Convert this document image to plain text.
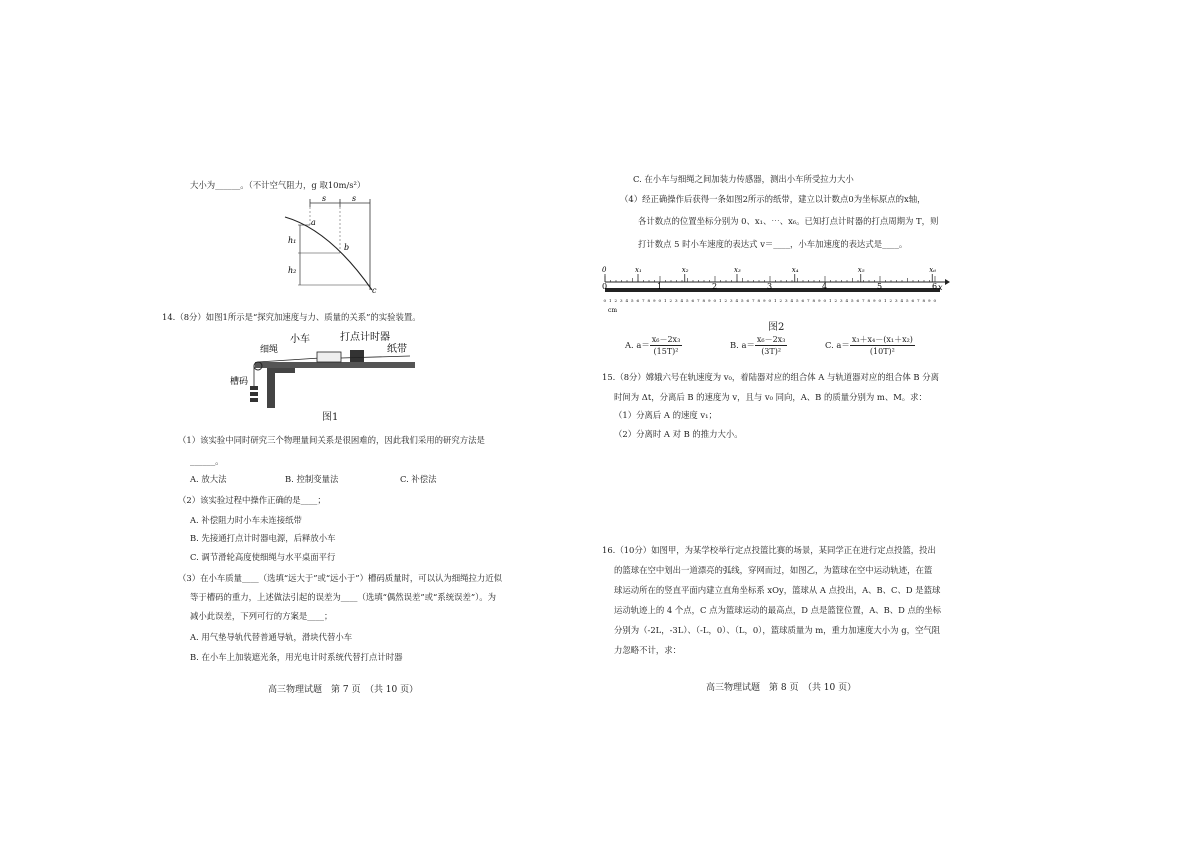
大小为______。（不计空气阻力，g 取10m/s²）
s	s
a
b
c
h₁
h₂
14.（8分）如图1所示是“探究加速度与力、质量的关系”的实验装置。
小车	打点计时器
细绳	纸带
槽码
图1
（1）该实验中同时研究三个物理量间关系是很困难的，因此我们采用的研究方法是
______。
A. 放大法	B. 控制变量法	C. 补偿法
（2）该实验过程中操作正确的是____；
A. 补偿阻力时小车未连接纸带
B. 先接通打点计时器电源，后释放小车
C. 调节滑轮高度使细绳与水平桌面平行
（3）在小车质量____（选填“远大于”或“远小于”）槽码质量时，可以认为细绳拉力近似
等于槽码的重力，上述做法引起的误差为____（选填“偶然误差”或“系统误差”）。为
减小此误差，下列可行的方案是____；
A. 用气垫导轨代替普通导轨，滑块代替小车
B. 在小车上加装遮光条，用光电计时系统代替打点计时器
高三物理试题　第 7 页　（共 10 页）
C. 在小车与细绳之间加装力传感器，测出小车所受拉力大小
（4）经正确操作后获得一条如图2所示的纸带，建立以计数点0为坐标原点的x轴，
各计数点的位置坐标分别为 0、x₁、⋯、x₆。已知打点计时器的打点周期为 T，则
打计数点 5 时小车速度的表达式 v＝____，小车加速度的表达式是____。
0 1 2 3 4 5 6 7 8 9 0 1 2 3 4 5 6 7 8 9 0 1 2 3 4 5 6 7 8 9 0 1 2 3 4 5 6 7 8 9 0 1 2 3 4 5 6 7 8 9 0 1 2 3 4 5 6 7 8 9 0
0	x₁	x₂	x₃	x₄	x₅	x₆
0	1	2	3	4	5	6 x
cm
图2
A. $a= \frac{\text{x₆－2x₃}}{\text{(15T)²}}$	B. $a= \frac{\text{x₆－2x₃}}{\text{(3T)²}}$	C. $a= \frac{\text{x₃＋x₄－(x₁＋x₂)}}{\text{(10T)²}}$
15.（8分）嫦娥六号在轨速度为 v₀，着陆器对应的组合体 A 与轨道器对应的组合体 B 分离
时间为 Δt，分离后 B 的速度为 v，且与 v₀ 同向，A、B 的质量分别为 m、M。求：
（1）分离后 A 的速度 v₁；
（2）分离时 A 对 B 的推力大小。
16.（10分）如图甲，为某学校举行定点投篮比赛的场景，某同学正在进行定点投篮，投出
的篮球在空中划出一道漂亮的弧线，穿网而过，如图乙，为篮球在空中运动轨迹，在篮
球运动所在的竖直平面内建立直角坐标系 xOy，篮球从 A 点投出，A、B、C、D 是篮球
运动轨迹上的 4 个点，C 点为篮球运动的最高点，D 点是篮筐位置，A、B、D 点的坐标
分别为（-2L，-3L）、（-L，0）、（L，0），篮球质量为 m，重力加速度大小为 g，空气阻
力忽略不计，求：
高三物理试题　第 8 页　（共 10 页）
